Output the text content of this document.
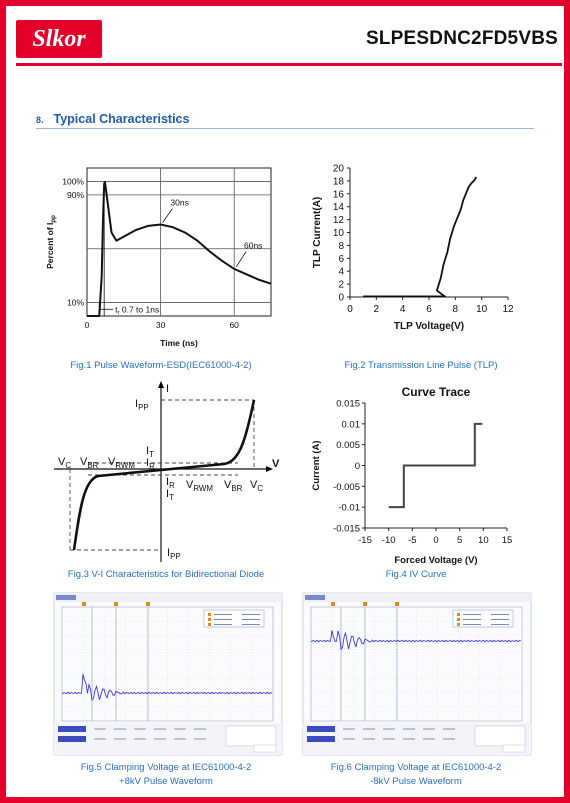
Slkor	SLPESDNC2FD5VBS
8. Typical Characteristics
0	30	60
10%
90%
100%
Time (ns)
Percent of $I_{pp}$
30ns
60ns
$t_r$ 0.7 to 1ns
Fig.1 Pulse Waveform-ESD(IEC61000-4-2)
0 2 4 6 8 10 12
0
2
4
6
8
10
12
14
16
18
20
TLP Voltage(V)
TLP Current(A)
Fig.2 Transmission Line Pulse (TLP)
I
V
$I_{PP}$
$I_{PP}$
$V_C$ $V_{BR}$ $V_{RWM}$
$I_T$
$I_R$
$I_R$
$I_T$
$V_{RWM}$ $V_{BR}$ $V_C$
Fig.3 V-I Characteristics for Bidirectional Diode
Curve Trace
-15 -10 -5 0 5 10 15
-0.015
-0.01
-0.005
0
0.005
0.01
0.015
Forced Voltage (V)
Current (A)
Fig.4 IV Curve
Fig.5 Clamping Voltage at IEC61000-4-2
+8kV Pulse Waveform
Fig.6 Clamping Voltage at IEC61000-4-2
-8kV Pulse Waveform
